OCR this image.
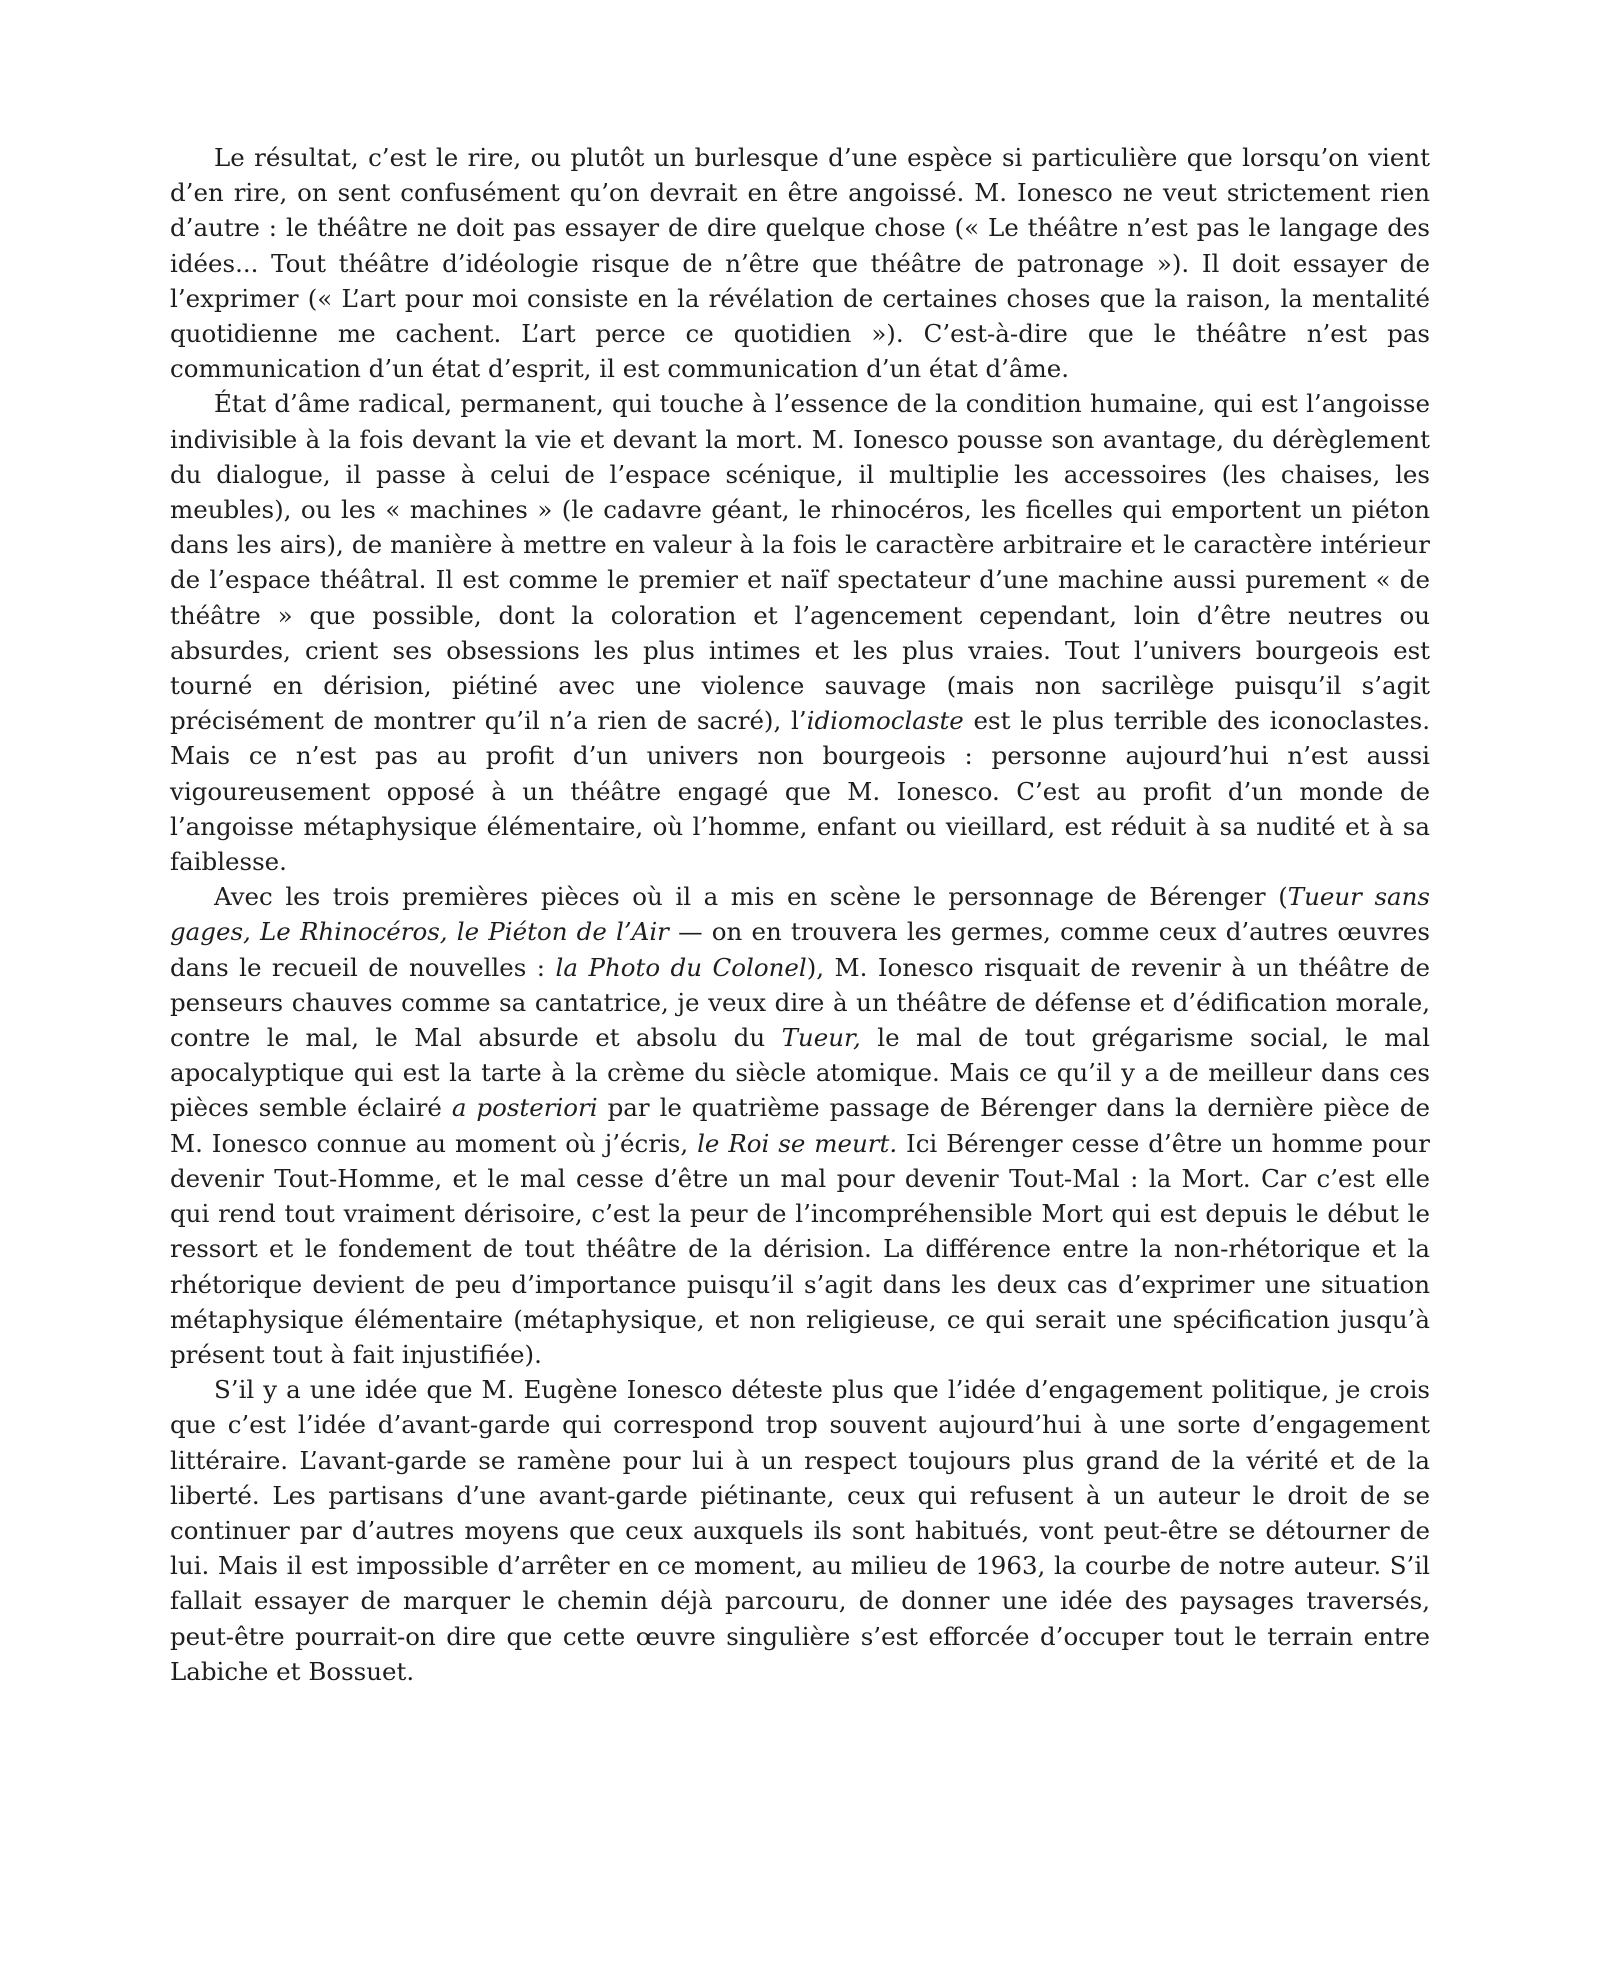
Le résultat, c’est le rire, ou plutôt un burlesque d’une espèce si particulière que lorsqu’on vient d’en rire, on sent confusément qu’on devrait en être angoissé. M. Ionesco ne veut strictement rien d’autre : le théâtre ne doit pas essayer de dire quelque chose (« Le théâtre n’est pas le langage des idées... Tout théâtre d’idéologie risque de n’être que théâtre de patronage »). Il doit essayer de l’exprimer (« L’art pour moi consiste en la révélation de certaines choses que la raison, la mentalité quotidienne me cachent. L’art perce ce quotidien »). C’est-à-dire que le théâtre n’est pas communication d’un état d’esprit, il est communication d’un état d’âme.

État d’âme radical, permanent, qui touche à l’essence de la condition humaine, qui est l’angoisse indivisible à la fois devant la vie et devant la mort. M. Ionesco pousse son avantage, du dérèglement du dialogue, il passe à celui de l’espace scénique, il multiplie les accessoires (les chaises, les meubles), ou les « machines » (le cadavre géant, le rhinocéros, les ficelles qui emportent un piéton dans les airs), de manière à mettre en valeur à la fois le caractère arbitraire et le caractère intérieur de l’espace théâtral. Il est comme le premier et naïf spectateur d’une machine aussi purement « de théâtre » que possible, dont la coloration et l’agencement cependant, loin d’être neutres ou absurdes, crient ses obsessions les plus intimes et les plus vraies. Tout l’univers bourgeois est tourné en dérision, piétiné avec une violence sauvage (mais non sacrilège puisqu’il s’agit précisément de montrer qu’il n’a rien de sacré), l’idiomoclaste est le plus terrible des iconoclastes. Mais ce n’est pas au profit d’un univers non bourgeois : personne aujourd’hui n’est aussi vigoureusement opposé à un théâtre engagé que M. Ionesco. C’est au profit d’un monde de l’angoisse métaphysique élémentaire, où l’homme, enfant ou vieillard, est réduit à sa nudité et à sa faiblesse.

Avec les trois premières pièces où il a mis en scène le personnage de Bérenger (Tueur sans gages, Le Rhinocéros, le Piéton de l’Air — on en trouvera les germes, comme ceux d’autres œuvres dans le recueil de nouvelles : la Photo du Colonel), M. Ionesco risquait de revenir à un théâtre de penseurs chauves comme sa cantatrice, je veux dire à un théâtre de défense et d’édification morale, contre le mal, le Mal absurde et absolu du Tueur, le mal de tout grégarisme social, le mal apocalyptique qui est la tarte à la crème du siècle atomique. Mais ce qu’il y a de meilleur dans ces pièces semble éclairé a posteriori par le quatrième passage de Bérenger dans la dernière pièce de M. Ionesco connue au moment où j’écris, le Roi se meurt. Ici Bérenger cesse d’être un homme pour devenir Tout-Homme, et le mal cesse d’être un mal pour devenir Tout-Mal : la Mort. Car c’est elle qui rend tout vraiment dérisoire, c’est la peur de l’incompréhensible Mort qui est depuis le début le ressort et le fondement de tout théâtre de la dérision. La différence entre la non-rhétorique et la rhétorique devient de peu d’importance puisqu’il s’agit dans les deux cas d’exprimer une situation métaphysique élémentaire (métaphysique, et non religieuse, ce qui serait une spécification jusqu’à présent tout à fait injustifiée).

S’il y a une idée que M. Eugène Ionesco déteste plus que l’idée d’engagement politique, je crois que c’est l’idée d’avant-garde qui correspond trop souvent aujourd’hui à une sorte d’engagement littéraire. L’avant-garde se ramène pour lui à un respect toujours plus grand de la vérité et de la liberté. Les partisans d’une avant-garde piétinante, ceux qui refusent à un auteur le droit de se continuer par d’autres moyens que ceux auxquels ils sont habitués, vont peut-être se détourner de lui. Mais il est impossible d’arrêter en ce moment, au milieu de 1963, la courbe de notre auteur. S’il fallait essayer de marquer le chemin déjà parcouru, de donner une idée des paysages traversés, peut-être pourrait-on dire que cette œuvre singulière s’est efforcée d’occuper tout le terrain entre Labiche et Bossuet.
